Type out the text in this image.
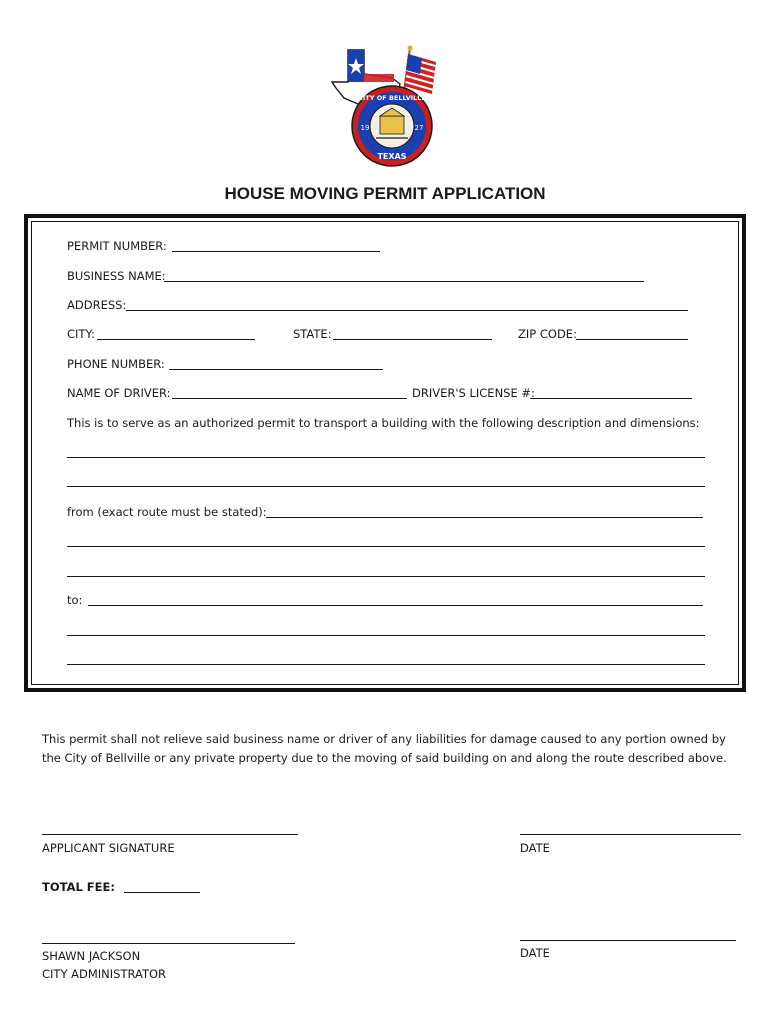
CITY OF BELLVILLE
19	27
TEXAS
HOUSE MOVING PERMIT APPLICATION
PERMIT NUMBER:
BUSINESS NAME:
ADDRESS:
CITY:	STATE:	ZIP CODE:
PHONE NUMBER:
NAME OF DRIVER:	DRIVER'S LICENSE #:
This is to serve as an authorized permit to transport a building with the following description and dimensions:
from (exact route must be stated):
to:
This permit shall not relieve said business name or driver of any liabilities for damage caused to any portion owned by the City of Bellville or any private property due to the moving of said building on and along the route described above.
APPLICANT SIGNATURE	DATE
TOTAL FEE:
SHAWN JACKSON
CITY ADMINISTRATOR
DATE
